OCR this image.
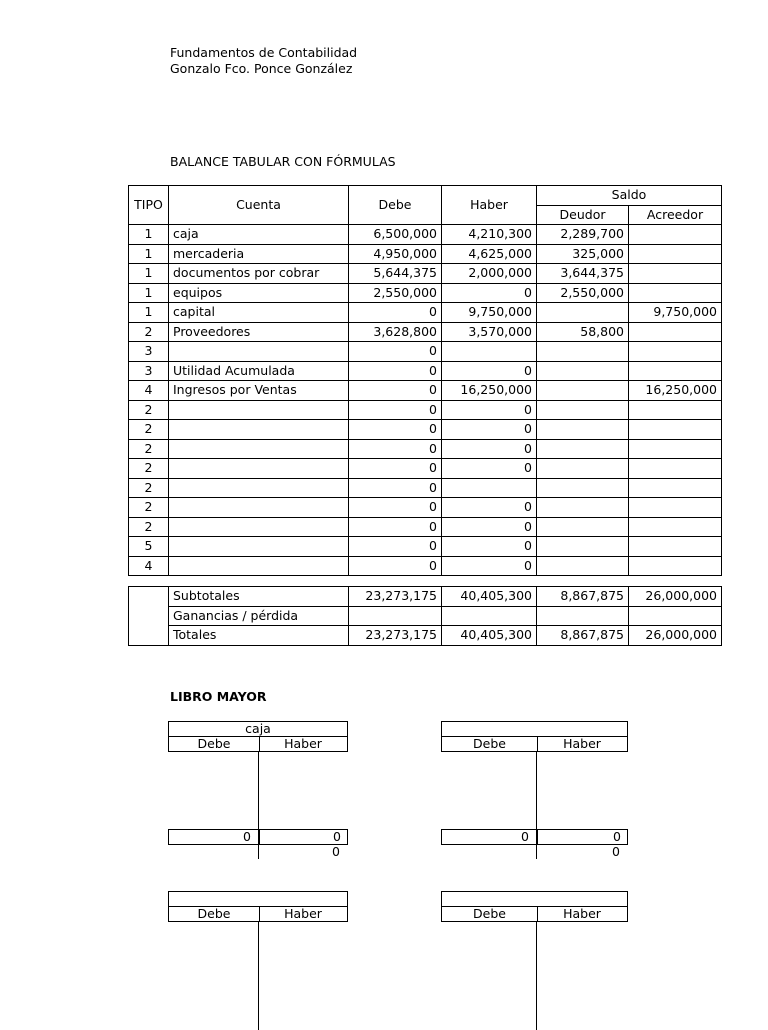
Fundamentos de Contabilidad
Gonzalo Fco. Ponce González
BALANCE TABULAR CON FÓRMULAS
TIPO	Cuenta	Debe	Haber	Saldo	
				Deudor	Acreedor
1	caja	6,500,000	4,210,300	2,289,700	
1	mercaderia	4,950,000	4,625,000	325,000	
1	documentos por cobrar	5,644,375	2,000,000	3,644,375	
1	equipos	2,550,000	0	2,550,000	
1	capital	0	9,750,000		9,750,000
2	Proveedores	3,628,800	3,570,000	58,800	
3		0			
3	Utilidad Acumulada	0	0		
4	Ingresos por Ventas	0	16,250,000		16,250,000
2		0	0		
2		0	0		
2		0	0		
2		0	0		
2		0			
2		0	0		
2		0	0		
5		0	0		
4		0	0		
	Subtotales	23,273,175	40,405,300	8,867,875	26,000,000
	Ganancias / pérdida				
	Totales	23,273,175	40,405,300	8,867,875	26,000,000
LIBRO MAYOR
caja
Debe	Haber
0	0
0
Debe	Haber
0	0
0
Debe	Haber	Debe	Haber
